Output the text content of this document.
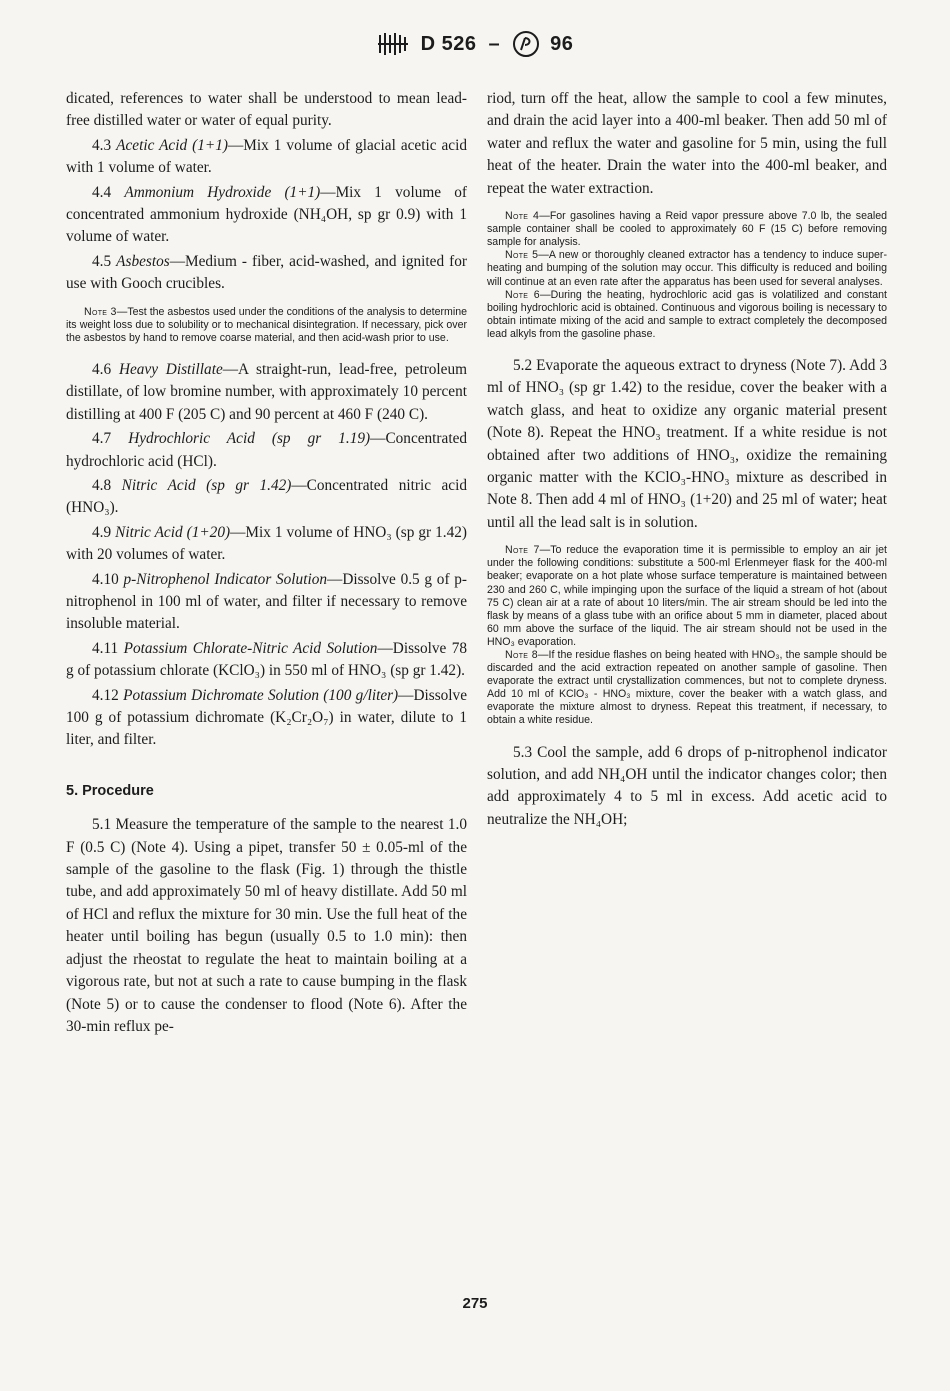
D 526 –	96

dicated, references to water shall be understood to mean lead-free distilled water or water of equal purity.

4.3 Acetic Acid (1+1)—Mix 1 volume of glacial acetic acid with 1 volume of water.

4.4 Ammonium Hydroxide (1+1)—Mix 1 volume of concentrated ammonium hydroxide (NH₄OH, sp gr 0.9) with 1 volume of water.

4.5 Asbestos—Medium - fiber, acid-washed, and ignited for use with Gooch crucibles.

Note 3—Test the asbestos used under the conditions of the analysis to determine its weight loss due to solubility or to mechanical disintegration. If necessary, pick over the asbestos by hand to remove coarse material, and then acid-wash prior to use.

4.6 Heavy Distillate—A straight-run, lead-free, petroleum distillate, of low bromine number, with approximately 10 percent distilling at 400 F (205 C) and 90 percent at 460 F (240 C).

4.7 Hydrochloric Acid (sp gr 1.19)—Concentrated hydrochloric acid (HCl).

4.8 Nitric Acid (sp gr 1.42)—Concentrated nitric acid (HNO₃).

4.9 Nitric Acid (1+20)—Mix 1 volume of HNO₃ (sp gr 1.42) with 20 volumes of water.

4.10 p-Nitrophenol Indicator Solution—Dissolve 0.5 g of p-nitrophenol in 100 ml of water, and filter if necessary to remove insoluble material.

4.11 Potassium Chlorate-Nitric Acid Solution—Dissolve 78 g of potassium chlorate (KClO₃) in 550 ml of HNO₃ (sp gr 1.42).

4.12 Potassium Dichromate Solution (100 g/liter)—Dissolve 100 g of potassium dichromate (K₂Cr₂O₇) in water, dilute to 1 liter, and filter.

5. Procedure

5.1 Measure the temperature of the sample to the nearest 1.0 F (0.5 C) (Note 4). Using a pipet, transfer 50 ± 0.05-ml of the sample of the gasoline to the flask (Fig. 1) through the thistle tube, and add approximately 50 ml of heavy distillate. Add 50 ml of HCl and reflux the mixture for 30 min. Use the full heat of the heater until boiling has begun (usually 0.5 to 1.0 min): then adjust the rheostat to regulate the heat to maintain boiling at a vigorous rate, but not at such a rate to cause bumping in the flask (Note 5) or to cause the condenser to flood (Note 6). After the 30-min reflux pe-

riod, turn off the heat, allow the sample to cool a few minutes, and drain the acid layer into a 400-ml beaker. Then add 50 ml of water and reflux the water and gasoline for 5 min, using the full heat of the heater. Drain the water into the 400-ml beaker, and repeat the water extraction.

Note 4—For gasolines having a Reid vapor pressure above 7.0 lb, the sealed sample container shall be cooled to approximately 60 F (15 C) before removing sample for analysis.

Note 5—A new or thoroughly cleaned extractor has a tendency to induce super-heating and bumping of the solution may occur. This difficulty is reduced and boiling will continue at an even rate after the apparatus has been used for several analyses.

Note 6—During the heating, hydrochloric acid gas is volatilized and constant boiling hydrochloric acid is obtained. Continuous and vigorous boiling is necessary to obtain intimate mixing of the acid and sample to extract completely the decomposed lead alkyls from the gasoline phase.

5.2 Evaporate the aqueous extract to dryness (Note 7). Add 3 ml of HNO₃ (sp gr 1.42) to the residue, cover the beaker with a watch glass, and heat to oxidize any organic material present (Note 8). Repeat the HNO₃ treatment. If a white residue is not obtained after two additions of HNO₃, oxidize the remaining organic matter with the KClO₃-HNO₃ mixture as described in Note 8. Then add 4 ml of HNO₃ (1+20) and 25 ml of water; heat until all the lead salt is in solution.

Note 7—To reduce the evaporation time it is permissible to employ an air jet under the following conditions: substitute a 500-ml Erlenmeyer flask for the 400-ml beaker; evaporate on a hot plate whose surface temperature is maintained between 230 and 260 C, while impinging upon the surface of the liquid a stream of hot (about 75 C) clean air at a rate of about 10 liters/min. The air stream should be led into the flask by means of a glass tube with an orifice about 5 mm in diameter, placed about 60 mm above the surface of the liquid. The air stream should not be used in the HNO₃ evaporation.

Note 8—If the residue flashes on being heated with HNO₃, the sample should be discarded and the acid extraction repeated on another sample of gasoline. Then evaporate the extract until crystallization commences, but not to complete dryness. Add 10 ml of KClO₃ - HNO₃ mixture, cover the beaker with a watch glass, and evaporate the mixture almost to dryness. Repeat this treatment, if necessary, to obtain a white residue.

5.3 Cool the sample, add 6 drops of p-nitrophenol indicator solution, and add NH₄OH until the indicator changes color; then add approximately 4 to 5 ml in excess. Add acetic acid to neutralize the NH₄OH;

275
